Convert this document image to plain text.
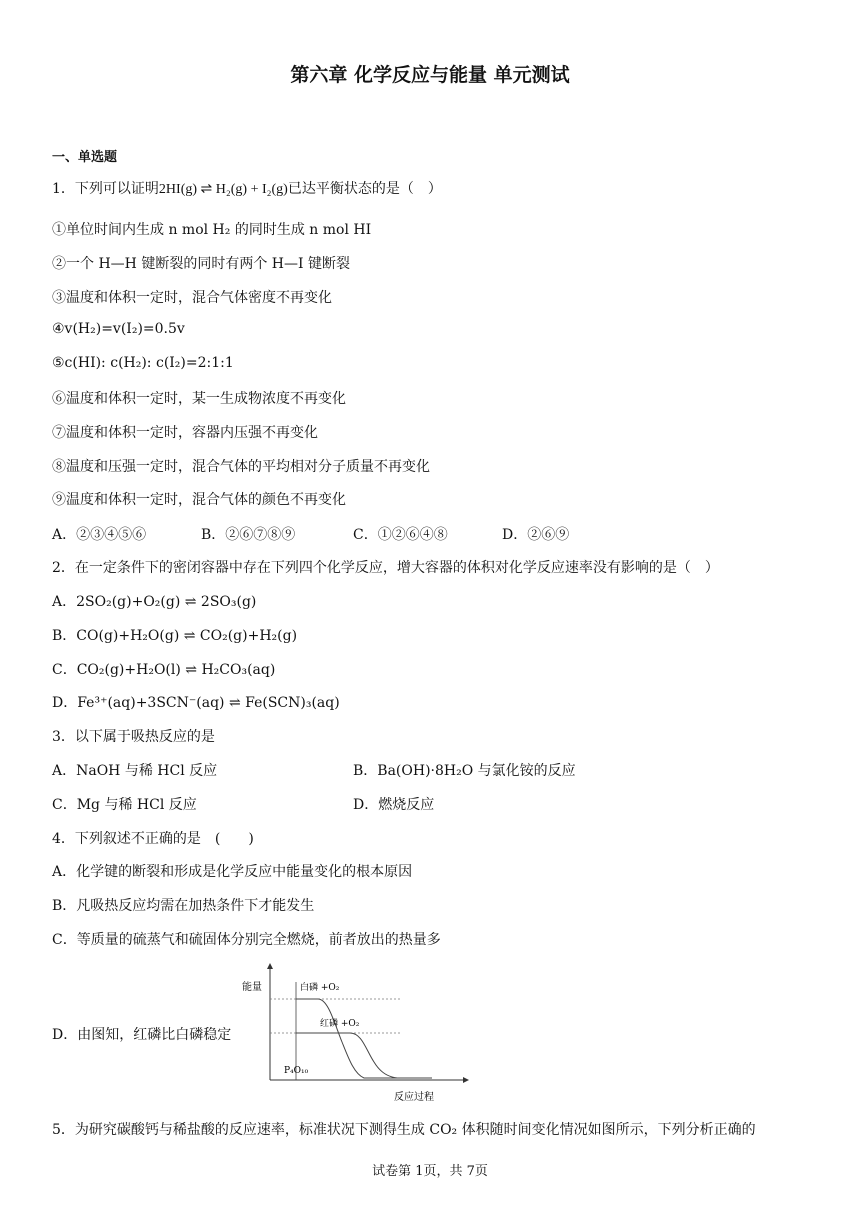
第六章 化学反应与能量 单元测试
一、单选题
1．下列可以证明2HI(g) ⇌ H₂(g) + I₂(g)已达平衡状态的是（　）
①单位时间内生成 n mol H₂ 的同时生成 n mol HI
②一个 H—H 键断裂的同时有两个 H—I 键断裂
③温度和体积一定时，混合气体密度不再变化
④v(H₂)=v(I₂)=0.5v
⑤c(HI): c(H₂): c(I₂)=2:1:1
⑥温度和体积一定时，某一生成物浓度不再变化
⑦温度和体积一定时，容器内压强不再变化
⑧温度和压强一定时，混合气体的平均相对分子质量不再变化
⑨温度和体积一定时，混合气体的颜色不再变化
A．②③④⑤⑥	B．②⑥⑦⑧⑨	C．①②⑥④⑧	D．②⑥⑨
2．在一定条件下的密闭容器中存在下列四个化学反应，增大容器的体积对化学反应速率没有影响的是（　）
A．2SO₂(g)+O₂(g) ⇌ 2SO₃(g)
B．CO(g)+H₂O(g) ⇌ CO₂(g)+H₂(g)
C．CO₂(g)+H₂O(l) ⇌ H₂CO₃(aq)
D．Fe³⁺(aq)+3SCN⁻(aq) ⇌ Fe(SCN)₃(aq)
3．以下属于吸热反应的是
A．NaOH 与稀 HCl 反应	B．Ba(OH)·8H₂O 与氯化铵的反应
C．Mg 与稀 HCl 反应	D．燃烧反应
4．下列叙述不正确的是　(　　)
A．化学键的断裂和形成是化学反应中能量变化的根本原因
B．凡吸热反应均需在加热条件下才能发生
C．等质量的硫蒸气和硫固体分别完全燃烧，前者放出的热量多
D．由图知，红磷比白磷稳定
能量
反应过程
白磷 +O₂
红磷 +O₂
P₄O₁₀
5．为研究碳酸钙与稀盐酸的反应速率，标准状况下测得生成 CO₂ 体积随时间变化情况如图所示，下列分析正确的
试卷第 1页，共 7页
